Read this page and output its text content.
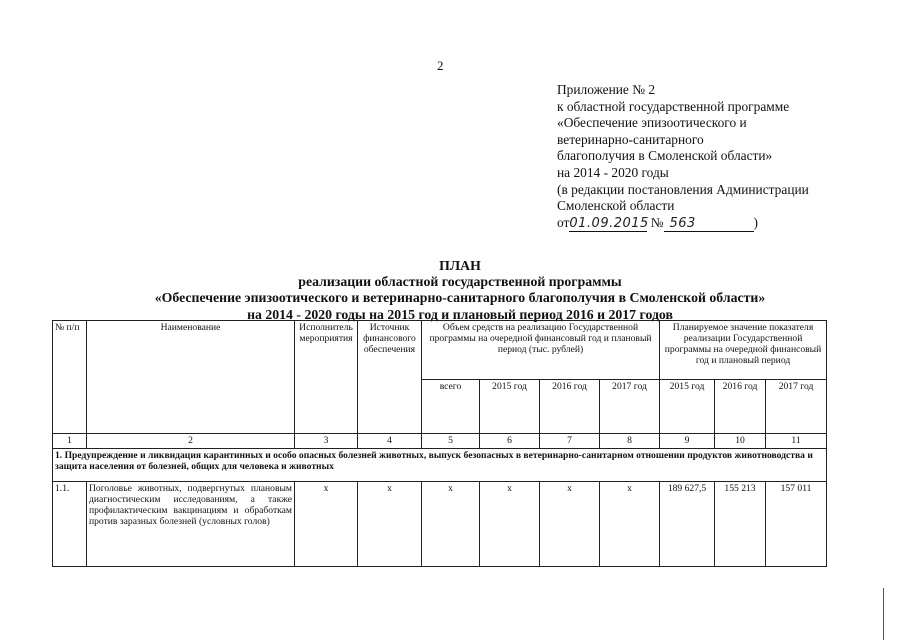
2
Приложение № 2
к областной государственной программе
«Обеспечение эпизоотического и
ветеринарно-санитарного
благополучия в Смоленской области»
на 2014 - 2020 годы
(в редакции постановления Администрации
Смоленской области
от01.09.2015 № 563	)
ПЛАН
реализации областной государственной программы
«Обеспечение эпизоотического и ветеринарно-санитарного благополучия в Смоленской области»
на 2014 - 2020 годы на 2015 год и плановый период 2016 и 2017 годов
№ п/п	Наименование	Исполнитель мероприятия	Источник финансового обеспечения	Объем средств на реализацию Государственной программы на очередной финансовый год и плановый период (тыс. рублей)				Планируемое значение показателя реализации Государственной программы на очередной финансовый год и плановый период		
				всего	2015 год	2016 год	2017 год	2015 год	2016 год	2017 год
1	2	3	4	5	6	7	8	9	10	11
1. Предупреждение и ликвидация карантинных и особо опасных болезней животных, выпуск безопасных в ветеринарно-санитарном отношении продуктов животноводства и защита населения от болезней, общих для человека и животных										
1.1.	Поголовье животных, подвергнутых плановым диагностическим исследованиям, а также профилактическим вакцинациям и обработкам против заразных болезней (условных голов)	х	х	х	х	х	х	189 627,5	155 213	157 011
